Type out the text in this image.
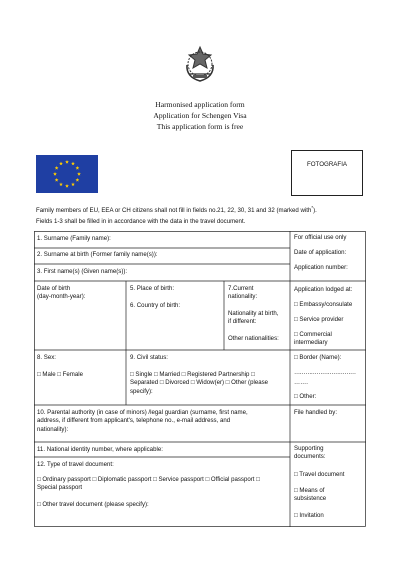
Harmonised application form
Application for Schengen Visa
This application form is free
FOTOGRAFIA
Family members of EU, EEA or CH citizens shall not fill in fields no.21, 22, 30, 31 and 32 (marked with*).
Fields 1-3 shall be filled in in accordance with the data in the travel document.
1. Surname (Family name):
2. Surname at birth (Former family name(s)):
3. First name(s) (Given name(s)):
For official use only
Date of application:
Application number:
Date of birth
(day-month-year):
5. Place of birth:
6. Country of birth:
7.Current
nationality:
Nationality at birth,
if different:
Other nationalities:
Application lodged at:
□ Embassy/consulate
□ Service provider
□ Commercial
intermediary
8. Sex:
□ Male □ Female
9. Civil status:
□ Single □ Married □ Registered Partnership □
Separated □ Divorced □ Widow(er) □ Other (please
specify):
□ Border (Name):
……………………………
…….
□ Other:
10. Parental authority (in case of minors) /legal guardian (surname, first name,
address, if different from applicant's, telephone no., e-mail address, and
nationality):
File handled by:
11. National identity number, where applicable:
12. Type of travel document:
□ Ordinary passport □ Diplomatic passport □ Service passport □ Official passport □
Special passport
□ Other travel document (please specify):
Supporting
documents:
□ Travel document
□ Means of
subsistence
□ Invitation
